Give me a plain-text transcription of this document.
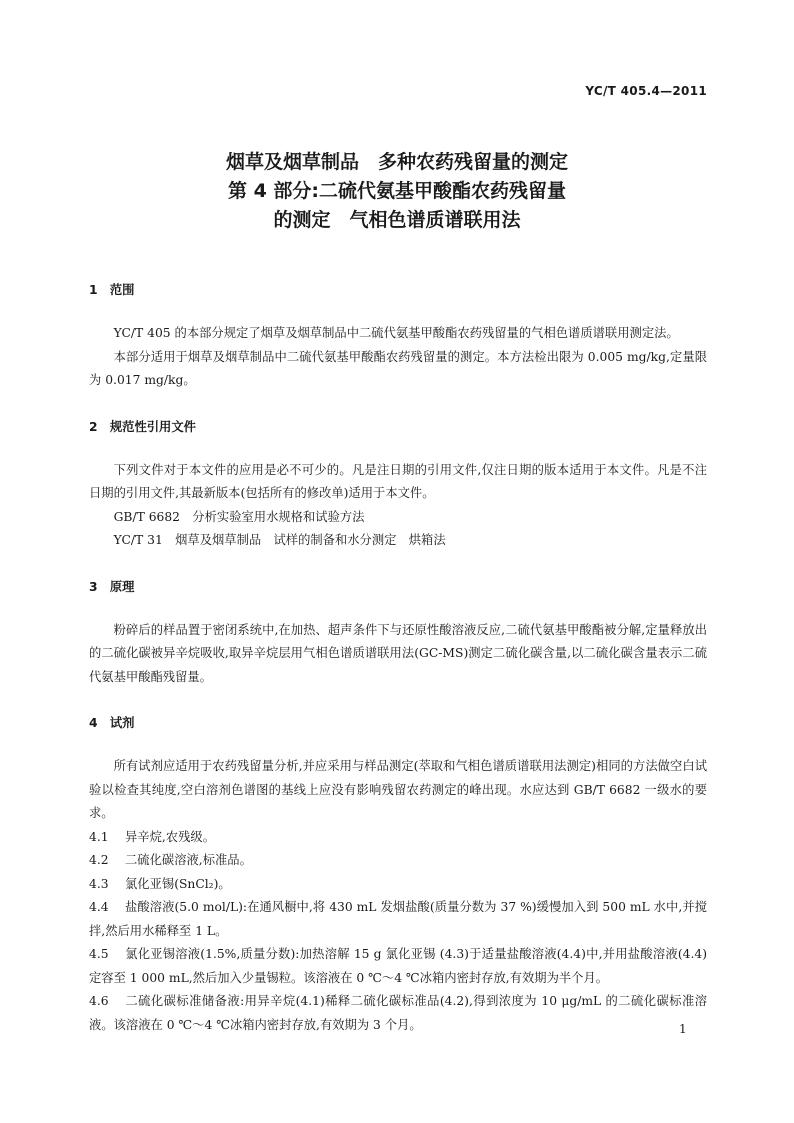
YC/T 405.4—2011
烟草及烟草制品　多种农药残留量的测定
第 4 部分:二硫代氨基甲酸酯农药残留量
的测定　气相色谱质谱联用法
1　范围

YC/T 405 的本部分规定了烟草及烟草制品中二硫代氨基甲酸酯农药残留量的气相色谱质谱联用测定法。

本部分适用于烟草及烟草制品中二硫代氨基甲酸酯农药残留量的测定。本方法检出限为 0.005 mg/kg,定量限为 0.017 mg/kg。

2　规范性引用文件

下列文件对于本文件的应用是必不可少的。凡是注日期的引用文件,仅注日期的版本适用于本文件。凡是不注日期的引用文件,其最新版本(包括所有的修改单)适用于本文件。

GB/T 6682　分析实验室用水规格和试验方法

YC/T 31　烟草及烟草制品　试样的制备和水分测定　烘箱法

3　原理

粉碎后的样品置于密闭系统中,在加热、超声条件下与还原性酸溶液反应,二硫代氨基甲酸酯被分解,定量释放出的二硫化碳被异辛烷吸收,取异辛烷层用气相色谱质谱联用法(GC-MS)测定二硫化碳含量,以二硫化碳含量表示二硫代氨基甲酸酯残留量。

4　试剂

所有试剂应适用于农药残留量分析,并应采用与样品测定(萃取和气相色谱质谱联用法测定)相同的方法做空白试验以检查其纯度,空白溶剂色谱图的基线上应没有影响残留农药测定的峰出现。水应达到 GB/T 6682 一级水的要求。

4.1 异辛烷,农残级。

4.2 二硫化碳溶液,标准品。

4.3 氯化亚锡(SnCl₂)。

4.4 盐酸溶液(5.0 mol/L):在通风橱中,将 430 mL 发烟盐酸(质量分数为 37 %)缓慢加入到 500 mL 水中,并搅拌,然后用水稀释至 1 L。

4.5 氯化亚锡溶液(1.5%,质量分数):加热溶解 15 g 氯化亚锡 (4.3)于适量盐酸溶液(4.4)中,并用盐酸溶液(4.4)定容至 1 000 mL,然后加入少量锡粒。该溶液在 0 ℃～4 ℃冰箱内密封存放,有效期为半个月。

4.6 二硫化碳标准储备液:用异辛烷(4.1)稀释二硫化碳标准品(4.2),得到浓度为 10 μg/mL 的二硫化碳标准溶液。该溶液在 0 ℃～4 ℃冰箱内密封存放,有效期为 3 个月。	1
